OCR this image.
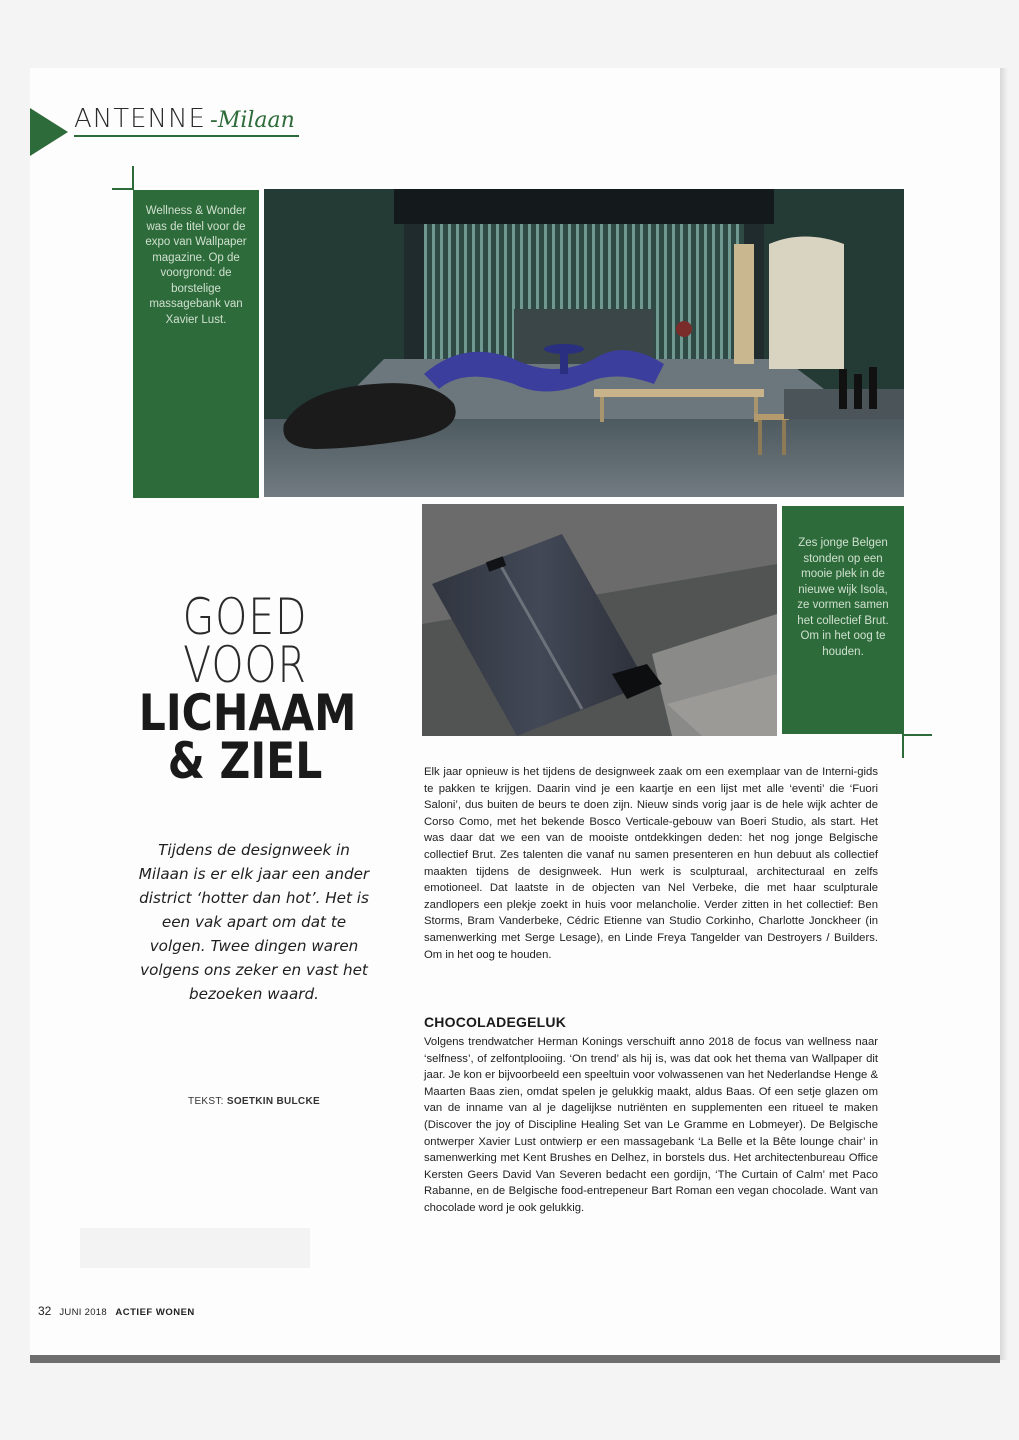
ANTENNE -Milaan
Wellness & Wonder was de titel voor de expo van Wallpaper magazine. Op de voorgrond: de borstelige massagebank van Xavier Lust.
Zes jonge Belgen stonden op een mooie plek in de nieuwe wijk Isola, ze vormen samen het collectief Brut. Om in het oog te houden.
GOED
VOOR
LICHAAM
& ZIEL
Tijdens de designweek in Milaan is er elk jaar een ander district ‘hotter dan hot’. Het is een vak apart om dat te volgen. Twee dingen waren volgens ons zeker en vast het bezoeken waard.
TEKST: SOETKIN BULCKE
Elk jaar opnieuw is het tijdens de designweek zaak om een exemplaar van de Interni-gids te pakken te krijgen. Daarin vind je een kaartje en een lijst met alle ‘eventi’ die ‘Fuori Saloni’, dus buiten de beurs te doen zijn. Nieuw sinds vorig jaar is de hele wijk achter de Corso Como, met het bekende Bosco Verticale-gebouw van Boeri Studio, als start. Het was daar dat we een van de mooiste ontdekkingen deden: het nog jonge Belgische collectief Brut. Zes talenten die vanaf nu samen presenteren en hun debuut als collectief maakten tijdens de designweek. Hun werk is sculpturaal, architecturaal en zelfs emotioneel. Dat laatste in de objecten van Nel Verbeke, die met haar sculpturale zandlopers een plekje zoekt in huis voor melancholie. Verder zitten in het collectief: Ben Storms, Bram Vanderbeke, Cédric Etienne van Studio Corkinho, Charlotte Jonckheer (in samenwerking met Serge Lesage), en Linde Freya Tangelder van Destroyers / Builders. Om in het oog te houden.
CHOCOLADEGELUK
Volgens trendwatcher Herman Konings verschuift anno 2018 de focus van wellness naar ‘selfness’, of zelfontplooiing. ‘On trend’ als hij is, was dat ook het thema van Wallpaper dit jaar. Je kon er bijvoorbeeld een speeltuin voor volwassenen van het Nederlandse Henge & Maarten Baas zien, omdat spelen je gelukkig maakt, aldus Baas. Of een setje glazen om van de inname van al je dagelijkse nutriënten en supplementen een ritueel te maken (Discover the joy of Discipline Healing Set van Le Gramme en Lobmeyer). De Belgische ontwerper Xavier Lust ontwierp er een massagebank ‘La Belle et la Bête lounge chair’ in samenwerking met Kent Brushes en Delhez, in borstels dus. Het architectenbureau Office Kersten Geers David Van Severen bedacht een gordijn, ‘The Curtain of Calm’ met Paco Rabanne, en de Belgische food-entrepeneur Bart Roman een vegan chocolade. Want van chocolade word je ook gelukkig.
32 JUNI 2018 ACTIEF WONEN
